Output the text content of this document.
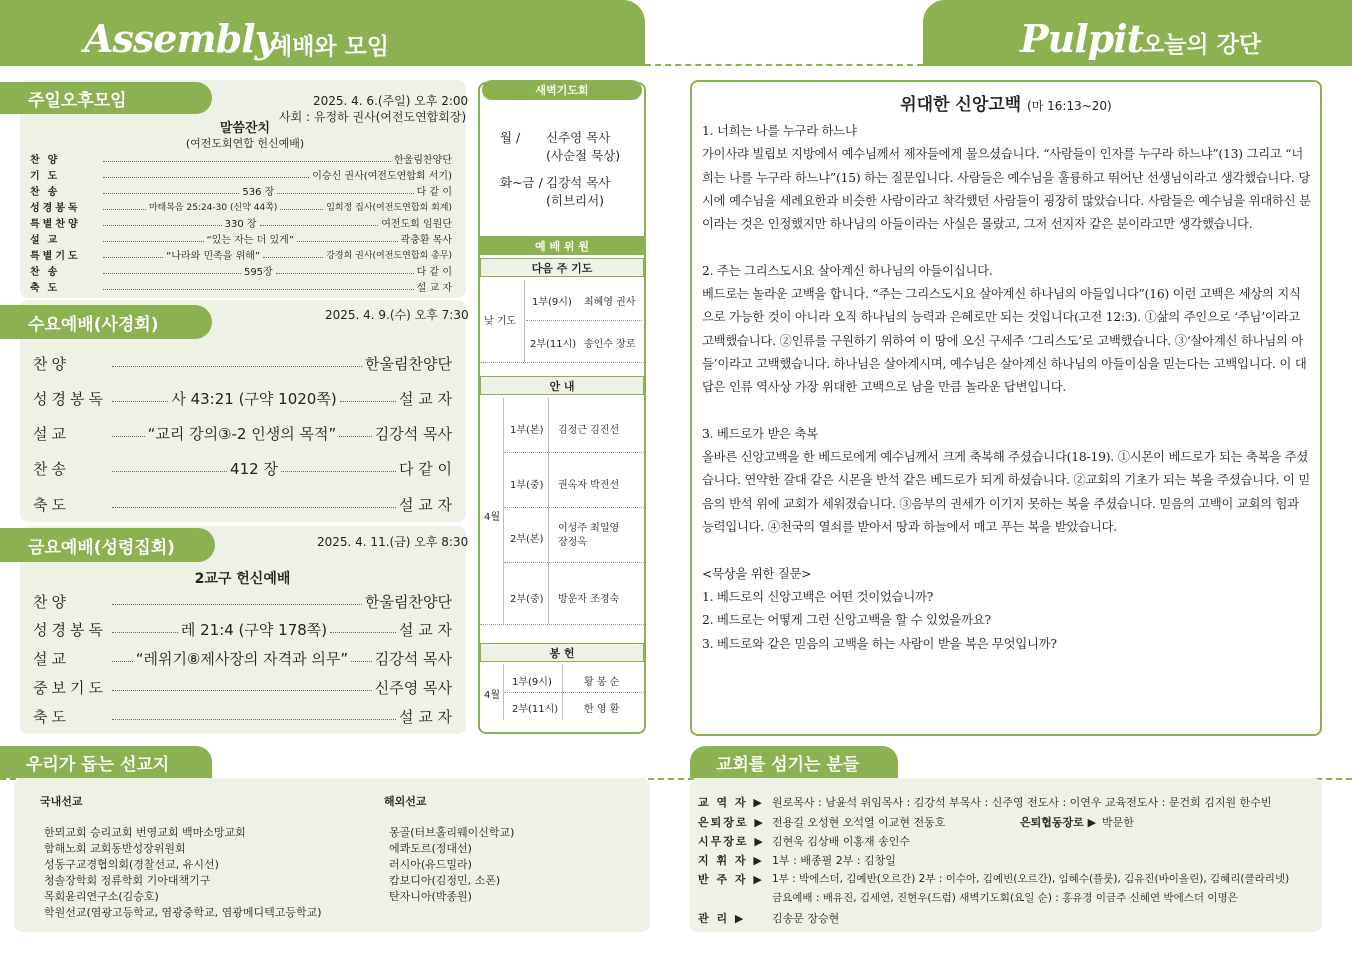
Assembly
예배와 모임	Pulpit
오늘의 강단
주일오후모임	2025. 4. 6.(주일) 오후 2:00
사회 : 유정하 권사(여전도연합회장)
말씀잔치
(여전도회연합 헌신예배)
찬양	한울림찬양단
기도	이승신 권사(여전도연합회 서기)
찬송	536 장	다 같 이
성경봉독	마태복음 25:24-30 (신약 44쪽)	임희정 집사(여전도연합회 회계)
특별찬양	330 장	여전도회 임원단
설교	“있는 자는 더 있게”	곽충환 목사
특별기도	“나라와 민족을 위해”	강경희 권사(여전도연합회 총무)
찬송	595장	다 같 이
축도	설 교 자
수요예배(사경회)	2025. 4. 9.(수) 오후 7:30
찬양	한울림찬양단
성경봉독	사 43:21 (구약 1020쪽)	설 교 자
설교	“교리 강의③-2 인생의 목적”	김강석 목사
찬송	412 장	다 같 이
축도	설 교 자
금요예배(성령집회)	2025. 4. 11.(금) 오후 8:30
2교구 헌신예배
찬양	한울림찬양단
성경봉독	레 21:4 (구약 178쪽)	설 교 자
설교	“레위기⑧제사장의 자격과 의무” 김강석 목사
중보기도	신주영 목사
축도	설 교 자
새벽기도회
월 / 신주영 목사
(사순절 묵상)
화~금 / 김강석 목사
(히브리서)
예 배 위 원
다음 주 기도
낮 기도
1부(9시) 최혜영 권사
2부(11시) 송인수 장로
안 내
4월
1부(본) 김정근 김진선
1부(중) 권옥자 박진선
2부(본)
이성주 최일영 장정옥
2부(중) 방운자 조경숙
봉 헌
4월
1부(9시)	황 봉 순
2부(11시)	한 영 환
위대한 신앙고백 (마 16:13~20)

1. 너희는 나를 누구라 하느냐

가이사랴 빌립보 지방에서 예수님께서 제자들에게 물으셨습니다. “사람들이 인자를 누구라 하느냐”(13) 그리고 “너희는 나를 누구라 하느냐”(15) 하는 질문입니다. 사람들은 예수님을 훌륭하고 뛰어난 선생님이라고 생각했습니다. 당시에 예수님을 세례요한과 비슷한 사람이라고 착각했던 사람들이 굉장히 많았습니다. 사람들은 예수님을 위대하신 분이라는 것은 인정했지만 하나님의 아들이라는 사실은 몰랐고, 그저 선지자 같은 분이라고만 생각했습니다.

2. 주는 그리스도시요 살아계신 하나님의 아들이십니다.

베드로는 놀라운 고백을 합니다. “주는 그리스도시요 살아계신 하나님의 아들입니다”(16) 이런 고백은 세상의 지식으로 가능한 것이 아니라 오직 하나님의 능력과 은혜로만 되는 것입니다(고전 12:3). ①삶의 주인으로 ‘주님’이라고 고백했습니다. ②인류를 구원하기 위하여 이 땅에 오신 구세주 ‘그리스도’로 고백했습니다. ③‘살아계신 하나님의 아들’이라고 고백했습니다. 하나님은 살아계시며, 예수님은 살아계신 하나님의 아들이심을 믿는다는 고백입니다. 이 대답은 인류 역사상 가장 위대한 고백으로 남을 만큼 놀라운 답변입니다.

3. 베드로가 받은 축복

올바른 신앙고백을 한 베드로에게 예수님께서 크게 축복해 주셨습니다(18-19). ①시몬이 베드로가 되는 축복을 주셨습니다. 연약한 갈대 같은 시몬을 반석 같은 베드로가 되게 하셨습니다. ②교회의 기초가 되는 복을 주셨습니다. 이 믿음의 반석 위에 교회가 세워졌습니다. ③음부의 권세가 이기지 못하는 복을 주셨습니다. 믿음의 고백이 교회의 힘과 능력입니다. ④천국의 열쇠를 받아서 땅과 하늘에서 매고 푸는 복을 받았습니다.

<묵상을 위한 질문>

1. 베드로의 신앙고백은 어떤 것이었습니까?

2. 베드로는 어떻게 그런 신앙고백을 할 수 있었을까요?

3. 베드로와 같은 믿음의 고백을 하는 사람이 받을 복은 무엇입니까?

우리가 돕는 선교지
국내선교
한뫼교회 승리교회 번영교회 백마소망교회
함해노회 교회동반성장위원회
성동구교경협의회(경찰선교, 유시선)
청솔장학회 정류학회 기아대책기구
목회윤리연구소(김승호)
학원선교(염광고등학교, 염광중학교, 염광메디텍고등학교)
해외선교
몽골(터브홀리웨이신학교)
에콰도르(정대선)
러시아(유드밀라)
캄보디아(김정민, 소폰)
탄자니아(박종원)
교회를 섬기는 분들
교 역 자 ▶ 원로목사 : 남윤석 위임목사 : 김강석 부목사 : 신주영 전도사 : 이연우 교육전도사 : 문건희 김지원 한수빈
은퇴장로 ▶ 전용길 오성현 오석열 이교현 전동호	은퇴협동장로 ▶ 박문한
시무장로 ▶ 김현욱 김상배 이홍재 송인수
지 휘 자 ▶ 1부 : 배종필 2부 : 김창일
반 주 자 ▶ 1부 : 박에스더, 김예반(오르간) 2부 : 이수아, 김예빈(오르간), 임혜수(플룻), 김유진(바이올린), 김혜리(클라리넷)
금요예배 : 배유진, 김세연, 진현우(드럼) 새벽기도회(요일 순) : 홍유경 이금주 신혜연 박에스더 이명은
관 리 ▶	김송문 장승현
